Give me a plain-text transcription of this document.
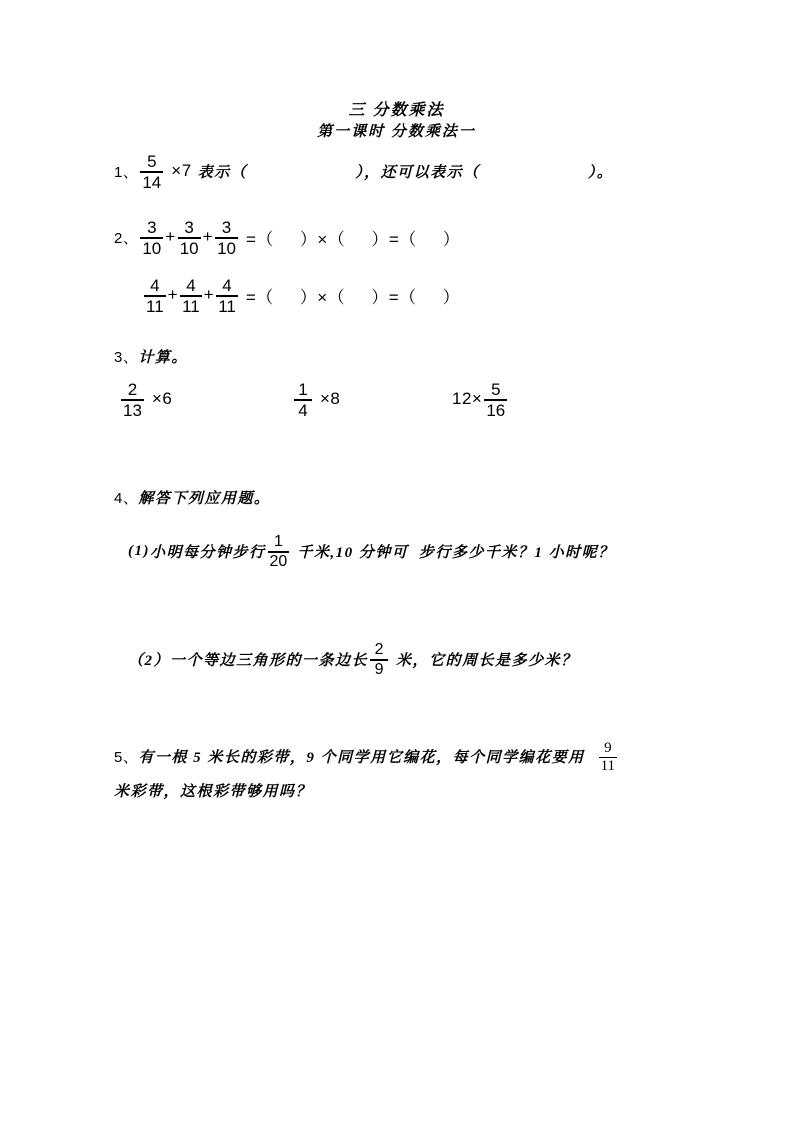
三 分数乘法
第一课时 分数乘法一
1、 $\frac{5}{14} \times 7$ 表示（	），还可以表示（	）。
2、 $\frac{3}{10} + \frac{3}{10} + \frac{3}{10}$ =（ ）×（ ）=（ ）
$\frac{4}{11} + \frac{4}{11} + \frac{4}{11}$ =（ ）×（ ）=（ ）
3、 计算。
$\frac{2}{13} \times 6$	$\frac{1}{4} \times 8$	$12\times \frac{5}{16}$
4、 解答下列应用题。
(1) 小明每分钟步行 $\frac{1}{20}$ 千米, 10 分钟可  步行多少千米？1 小时呢？
（2） 一个等边三角形的一条边长 $\frac{2}{9}$ 米，它的周长是多少米？
5、 有一根 5 米长的彩带，9 个同学用它编花，每个同学编花要用 $\frac{9}{11}$
米彩带，这根彩带够用吗？
